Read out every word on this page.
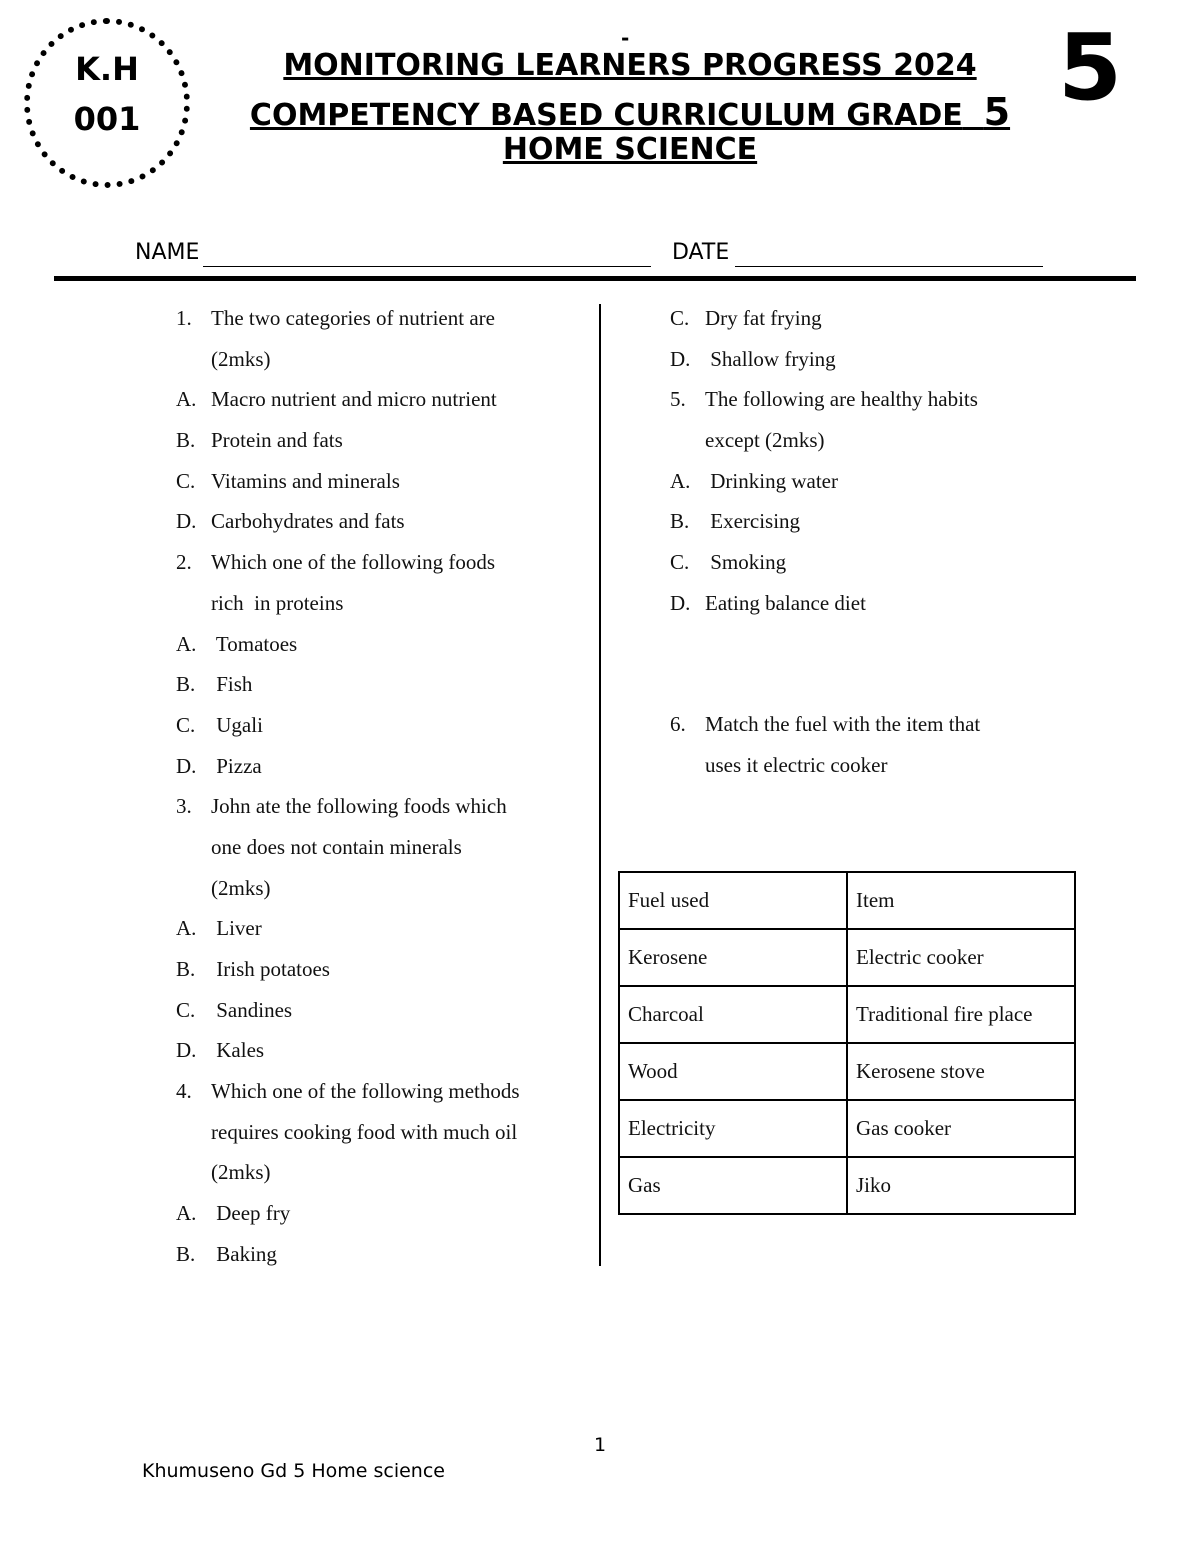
K.H
001
-
MONITORING LEARNERS PROGRESS 2024
COMPETENCY BASED CURRICULUM GRADE 5
HOME SCIENCE
5
NAME	DATE
1. The two categories of nutrient are
(2mks)
A. Macro nutrient and micro nutrient
B. Protein and fats
C. Vitamins and minerals
D. Carbohydrates and fats
2. Which one of the following foods
rich  in proteins
A. Tomatoes
B. Fish
C. Ugali
D. Pizza
3. John ate the following foods which
one does not contain minerals
(2mks)
A. Liver
B. Irish potatoes
C. Sandines
D. Kales
4. Which one of the following methods
requires cooking food with much oil
(2mks)
A. Deep fry
B. Baking
C. Dry fat frying
D. Shallow frying
5. The following are healthy habits
except (2mks)
A. Drinking water
B. Exercising
C. Smoking
D. Eating balance diet
6. Match the fuel with the item that
uses it electric cooker
Fuel used	Item
Kerosene	Electric cooker
Charcoal	Traditional fire place
Wood	Kerosene stove
Electricity	Gas cooker
Gas	Jiko
1
Khumuseno Gd 5 Home science
